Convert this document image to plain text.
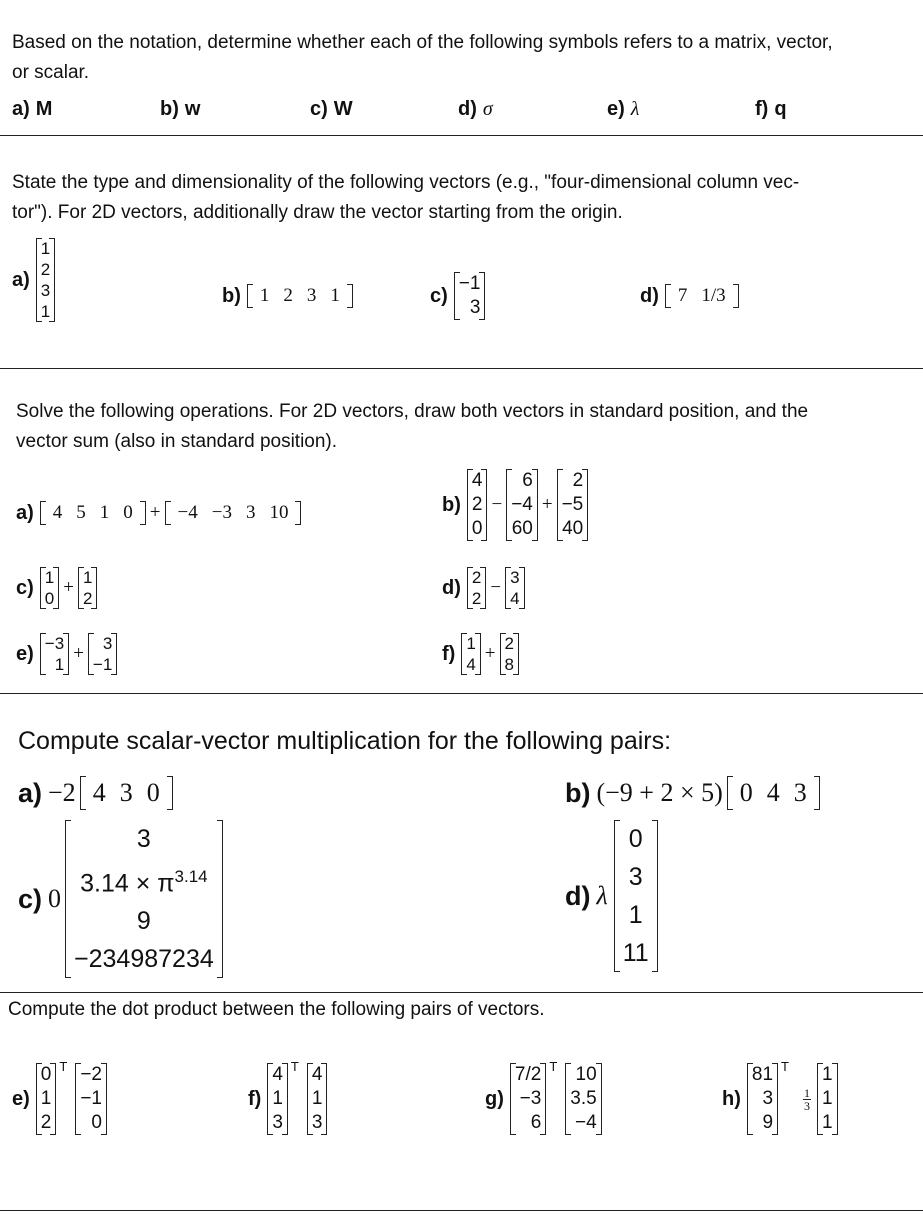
Based on the notation, determine whether each of the following symbols refers to a matrix, vector,
or scalar.
a) M	b) w	c) W	d) σ	e) λ	f) q
State the type and dimensionality of the following vectors (e.g., "four-dimensional column vec-
tor"). For 2D vectors, additionally draw the vector starting from the origin.
a)
1
2
3
1
b) 1 2 3 1	c)
−1
3
d) 7 1/3
Solve the following operations. For 2D vectors, draw both vectors in standard position, and the
vector sum (also in standard position).
a) 4 5 1 0 + −4 −3 3 10	b)
4
2
0
−
6
−4
60
+
2
−5
40
c) 1
0
+ 1
2	d) 2
2
− 3
4
e) −3
1
+ 3
−1	f) 1
4
+ 2
8
Compute scalar-vector multiplication for the following pairs:
a) −2 4 3 0	b) (−9 + 2 × 5) 0 4 3
c) 0
3
$3.14 \times \pi^{3.14}$
9
−234987234
d) λ
0
3
1
11
Compute the dot product between the following pairs of vectors.
e)
0
1
2
T −2
−1
0
f)
4
1
3
T 4
1
3
g)
7/2
−3
6
T 10
3.5
−4
h)
81
3
9
T
$\frac{1}{3}$
1
1
1
